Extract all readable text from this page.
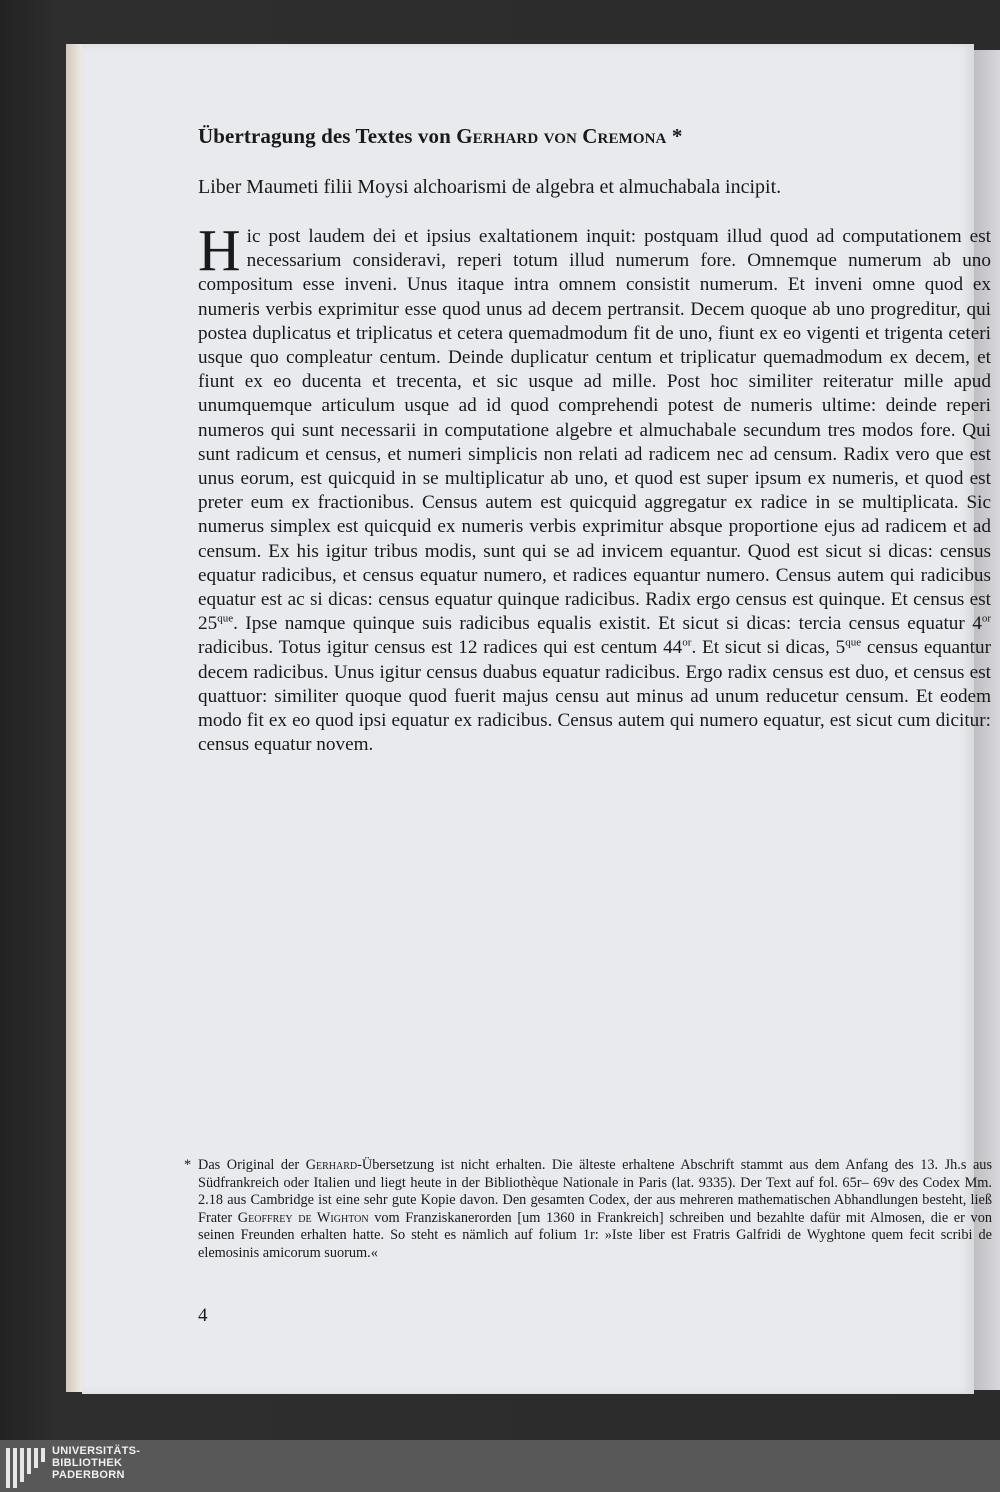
Übertragung des Textes von Gerhard von Cremona *
Liber Maumeti filii Moysi alchoarismi de algebra et almuchabala incipit.
Hic post laudem dei et ipsius exaltationem inquit: postquam illud quod ad computationem est necessarium consideravi, reperi totum illud numerum fore. Omnemque numerum ab uno compositum esse inveni. Unus itaque intra omnem consistit numerum. Et inveni omne quod ex numeris verbis exprimitur esse quod unus ad decem pertransit. Decem quoque ab uno progreditur, qui postea duplicatus et triplicatus et cetera quemadmodum fit de uno, fiunt ex eo vigenti et trigenta ceteri usque quo compleatur centum. Deinde duplicatur centum et triplicatur quemadmodum ex decem, et fiunt ex eo ducenta et trecenta, et sic usque ad mille. Post hoc similiter reiteratur mille apud unumquemque articulum usque ad id quod comprehendi potest de numeris ultime: deinde reperi numeros qui sunt necessarii in computatione algebre et almuchabale secundum tres modos fore. Qui sunt radicum et census, et numeri simplicis non relati ad radicem nec ad censum. Radix vero que est unus eorum, est quicquid in se multiplicatur ab uno, et quod est super ipsum ex numeris, et quod est preter eum ex fractionibus. Census autem est quicquid aggregatur ex radice in se multiplicata. Sic numerus simplex est quicquid ex numeris verbis exprimitur absque proportione ejus ad radicem et ad censum. Ex his igitur tribus modis, sunt qui se ad invicem equantur. Quod est sicut si dicas: census equatur radicibus, et census equatur numero, et radices equantur numero. Census autem qui radicibus equatur est ac si dicas: census equatur quinque radicibus. Radix ergo census est quinque. Et census est $25^{que}$. Ipse namque quinque suis radicibus equalis existit. Et sicut si dicas: tercia census equatur $4^{or}$ radicibus. Totus igitur census est 12 radices qui est centum $44^{or}$. Et sicut si dicas, $5^{que}$ census equantur decem radicibus. Unus igitur census duabus equatur radicibus. Ergo radix census est duo, et census est quattuor: similiter quoque quod fuerit majus censu aut minus ad unum reducetur censum. Et eodem modo fit ex eo quod ipsi equatur ex radicibus. Census autem qui numero equatur, est sicut cum dicitur: census equatur novem.
* Das Original der Gerhard-Übersetzung ist nicht erhalten. Die älteste erhaltene Abschrift stammt aus dem Anfang des 13. Jh.s aus Südfrankreich oder Italien und liegt heute in der Bibliothèque Nationale in Paris (lat. 9335). Der Text auf fol. 65r– 69v des Codex Mm. 2.18 aus Cambridge ist eine sehr gute Kopie davon. Den gesamten Codex, der aus mehreren mathematischen Abhandlungen besteht, ließ Frater Geoffrey de Wighton vom Franziskanerorden [um 1360 in Frankreich] schreiben und bezahlte dafür mit Almosen, die er von seinen Freunden erhalten hatte. So steht es nämlich auf folium 1r: »Iste liber est Fratris Galfridi de Wyghtone quem fecit scribi de elemosinis amicorum suorum.«
4
UNIVERSITÄTS-
BIBLIOTHEK
PADERBORN
